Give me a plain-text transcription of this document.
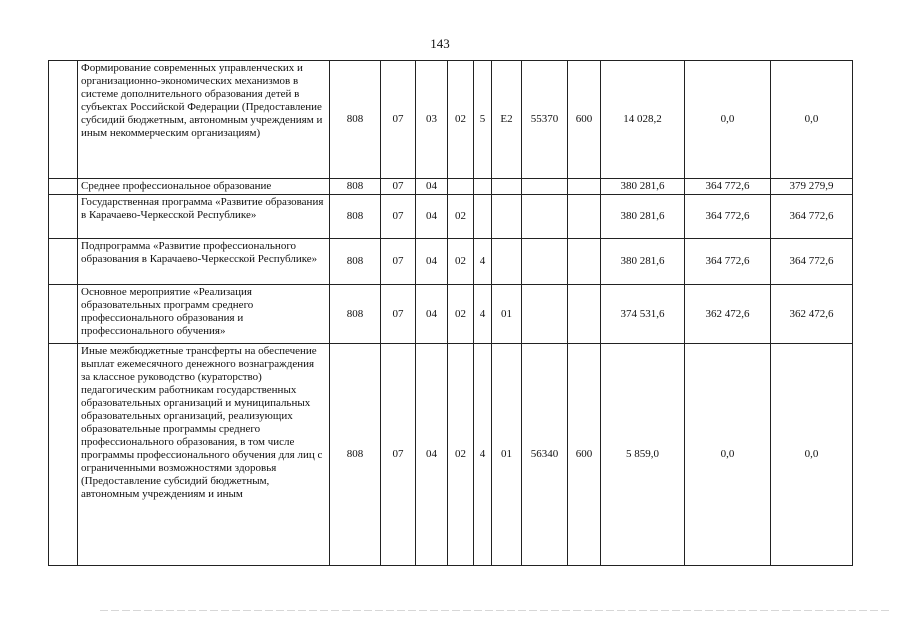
143
	Формирование современных управленческих и организационно-экономических механизмов в системе дополнительного образования детей в субъектах Российской Федерации (Предоставление субсидий бюджетным, автономным учреждениям и иным некоммерческим организациям)	808	07	03	02	5	E2	55370	600	14 028,2	0,0	0,0
	Среднее профессиональное образование	808	07	04						380 281,6	364 772,6	379 279,9
	Государственная программа «Развитие образования в Карачаево-Черкесской Республике»	808	07	04	02					380 281,6	364 772,6	364 772,6
	Подпрограмма «Развитие профессионального образования в Карачаево-Черкесской Республике»	808	07	04	02	4				380 281,6	364 772,6	364 772,6
	Основное мероприятие «Реализация образовательных программ среднего профессионального образования и профессионального обучения»	808	07	04	02	4	01			374 531,6	362 472,6	362 472,6
	Иные межбюджетные трансферты на обеспечение выплат ежемесячного денежного вознаграждения за классное руководство (кураторство) педагогическим работникам государственных образовательных организаций и муниципальных образовательных организаций, реализующих образовательные программы среднего профессионального образования, в том числе программы профессионального обучения для лиц с ограниченными возможностями здоровья (Предоставление субсидий бюджетным, автономным учреждениям и иным	808	07	04	02	4	01	56340	600	5 859,0	0,0	0,0
